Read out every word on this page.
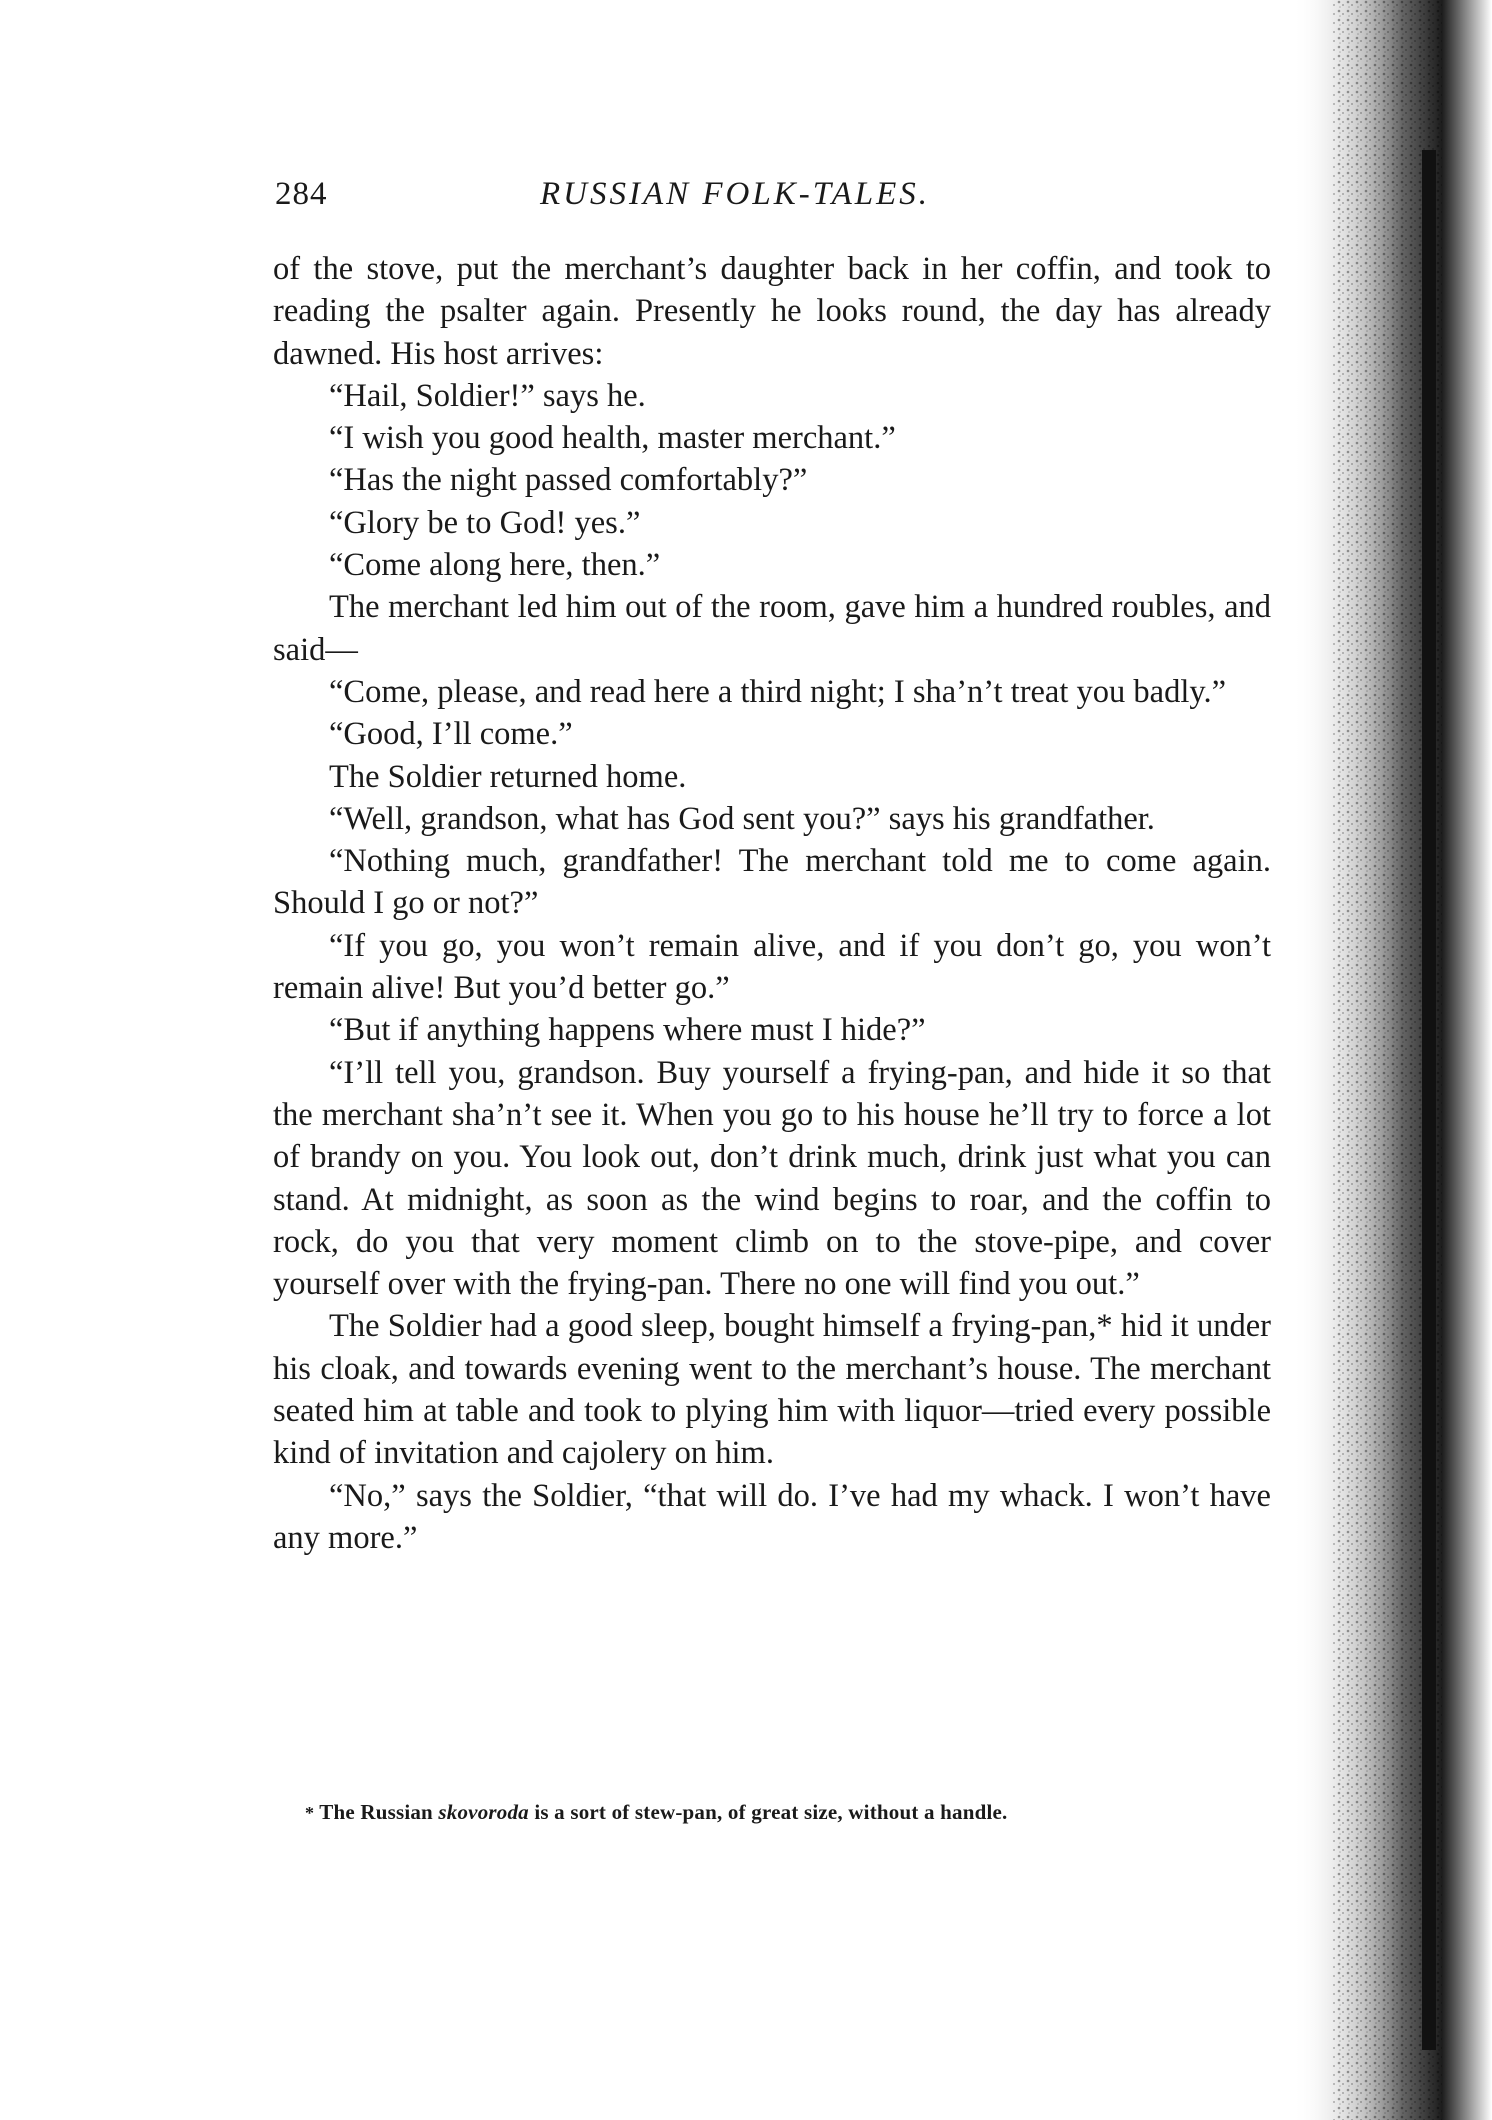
284	RUSSIAN FOLK-TALES.

of the stove, put the merchant’s daughter back in her coffin, and took to reading the psalter again. Presently he looks round, the day has already dawned. His host arrives:

“Hail, Soldier!” says he.

“I wish you good health, master merchant.”

“Has the night passed comfortably?”

“Glory be to God! yes.”

“Come along here, then.”

The merchant led him out of the room, gave him a hundred roubles, and said—

“Come, please, and read here a third night; I sha’n’t treat you badly.”

“Good, I’ll come.”

The Soldier returned home.

“Well, grandson, what has God sent you?” says his grandfather.

“Nothing much, grandfather! The merchant told me to come again. Should I go or not?”

“If you go, you won’t remain alive, and if you don’t go, you won’t remain alive! But you’d better go.”

“But if anything happens where must I hide?”

“I’ll tell you, grandson. Buy yourself a frying-pan, and hide it so that the merchant sha’n’t see it. When you go to his house he’ll try to force a lot of brandy on you. You look out, don’t drink much, drink just what you can stand. At midnight, as soon as the wind begins to roar, and the coffin to rock, do you that very moment climb on to the stove-pipe, and cover yourself over with the frying-pan. There no one will find you out.”

The Soldier had a good sleep, bought himself a frying-pan,* hid it under his cloak, and towards evening went to the merchant’s house. The merchant seated him at table and took to plying him with liquor—tried every possible kind of invitation and cajolery on him.

“No,” says the Soldier, “that will do. I’ve had my whack. I won’t have any more.”

* The Russian skovoroda is a sort of stew-pan, of great size, without a handle.
